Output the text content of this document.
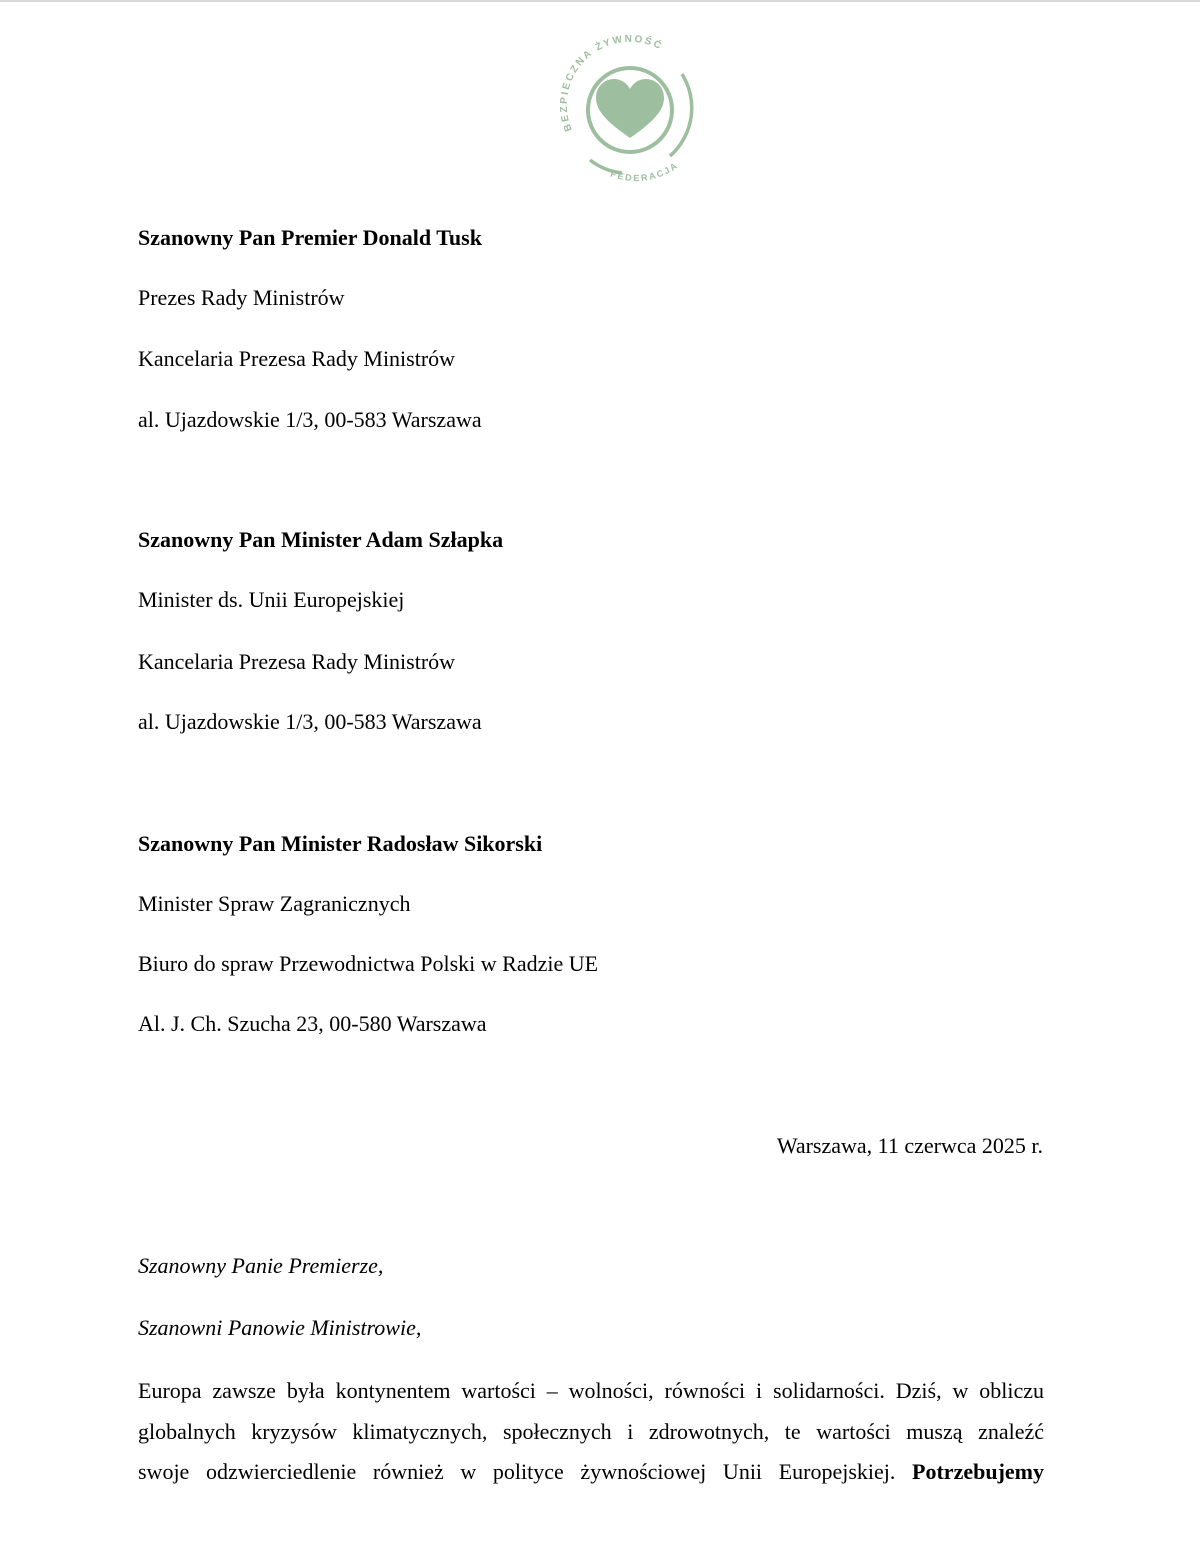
BEZPIECZNA ŻYWNOŚĆ
FEDERACJA
Szanowny Pan Premier Donald Tusk
Prezes Rady Ministrów
Kancelaria Prezesa Rady Ministrów
al. Ujazdowskie 1/3, 00-583 Warszawa
Szanowny Pan Minister Adam Szłapka
Minister ds. Unii Europejskiej
Kancelaria Prezesa Rady Ministrów
al. Ujazdowskie 1/3, 00-583 Warszawa
Szanowny Pan Minister Radosław Sikorski
Minister Spraw Zagranicznych
Biuro do spraw Przewodnictwa Polski w Radzie UE
Al. J. Ch. Szucha 23, 00-580 Warszawa
Warszawa, 11 czerwca 2025 r.
Szanowny Panie Premierze,
Szanowni Panowie Ministrowie,
Europa zawsze była kontynentem wartości – wolności, równości i solidarności. Dziś, w obliczu
globalnych kryzysów klimatycznych, społecznych i zdrowotnych, te wartości muszą znaleźć
swoje odzwierciedlenie również w polityce żywnościowej Unii Europejskiej. Potrzebujemy
